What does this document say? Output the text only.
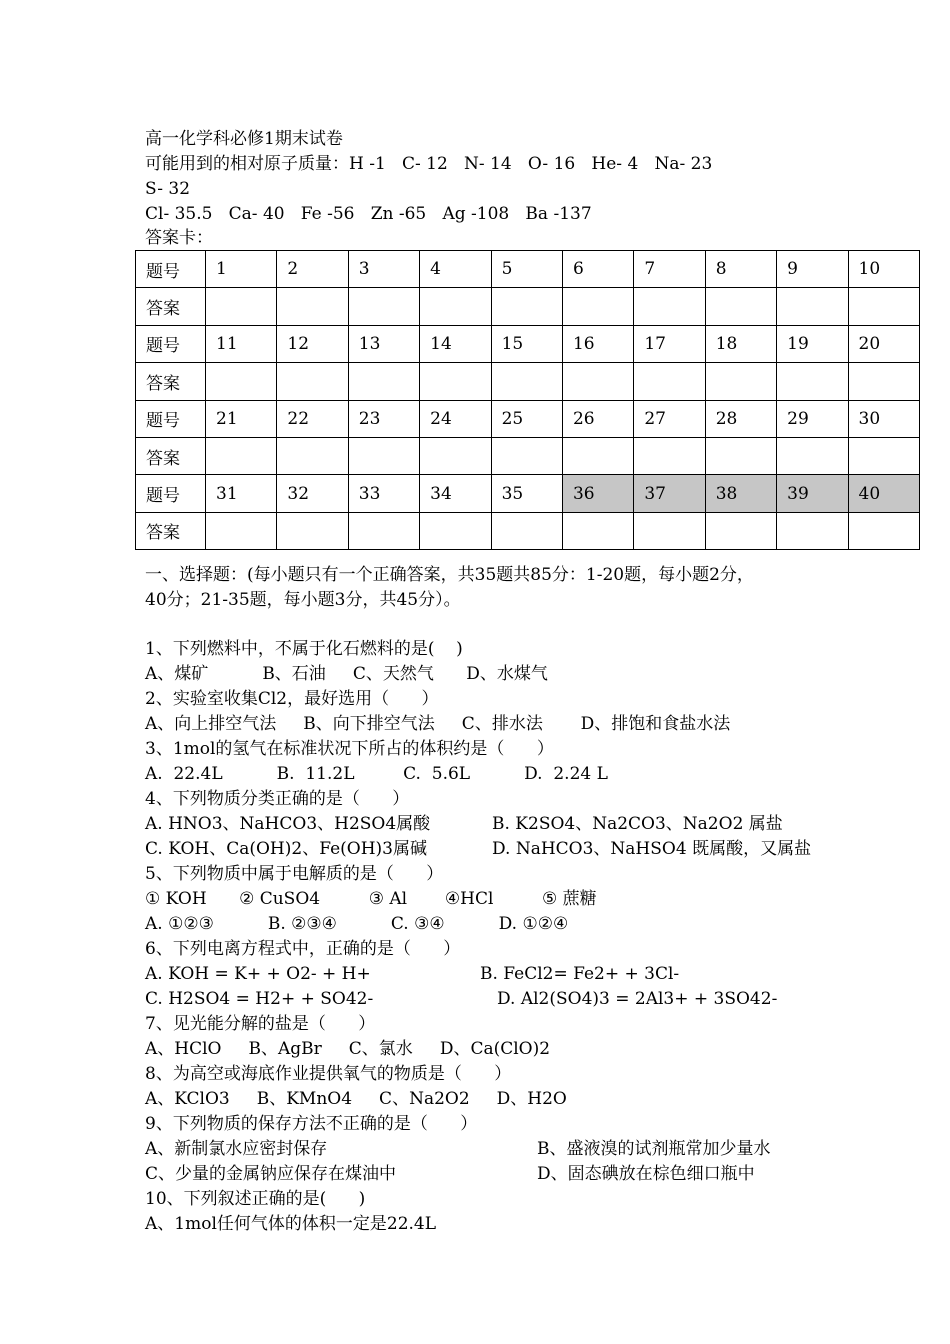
高一化学科必修1期末试卷
可能用到的相对原子质量：H -1   C- 12   N- 14   O- 16   He- 4   Na- 23
S- 32
Cl- 35.5   Ca- 40   Fe -56   Zn -65   Ag -108   Ba -137
答案卡：
题号	1	2	3	4	5	6	7	8	9	10
答案										
题号	11	12	13	14	15	16	17	18	19	20
答案										
题号	21	22	23	24	25	26	27	28	29	30
答案										
题号	31	32	33	34	35	36	37	38	39	40
答案										
一、选择题：(每小题只有一个正确答案，共35题共85分：1-20题，每小题2分，
40分；21-35题，每小题3分，共45分）。
1、下列燃料中，不属于化石燃料的是(    )
A、煤矿          B、石油     C、天然气      D、水煤气
2、实验室收集Cl2，最好选用（      ）
A、向上排空气法     B、向下排空气法     C、排水法       D、排饱和食盐水法
3、1mol的氢气在标准状况下所占的体积约是（      ）
A.  22.4L          B.  11.2L         C.  5.6L          D.  2.24 L
4、下列物质分类正确的是（      ）
A. HNO3、NaHCO3、H2SO4属酸	B. K2SO4、Na2CO3、Na2O2 属盐
C. KOH、Ca(OH)2、Fe(OH)3属碱	D. NaHCO3、NaHSO4 既属酸，又属盐
5、下列物质中属于电解质的是（      ）
① KOH      ② CuSO4         ③ Al       ④HCl         ⑤ 蔗糖
A. ①②③          B. ②③④          C. ③④          D. ①②④
6、下列电离方程式中，正确的是（      ）
A. KOH = K+ + O2- + H+	B. FeCl2= Fe2+ + 3Cl-
C. H2SO4 = H2+ + SO42-	D. Al2(SO4)3 = 2Al3+ + 3SO42-
7、见光能分解的盐是（      ）
A、HClO     B、AgBr     C、氯水     D、Ca(ClO)2
8、为高空或海底作业提供氧气的物质是（      ）
A、KClO3     B、KMnO4     C、Na2O2     D、H2O
9、下列物质的保存方法不正确的是（      ）
A、新制氯水应密封保存	B、盛液溴的试剂瓶常加少量水
C、少量的金属钠应保存在煤油中	D、固态碘放在棕色细口瓶中
10、下列叙述正确的是(      )
A、1mol任何气体的体积一定是22.4L
